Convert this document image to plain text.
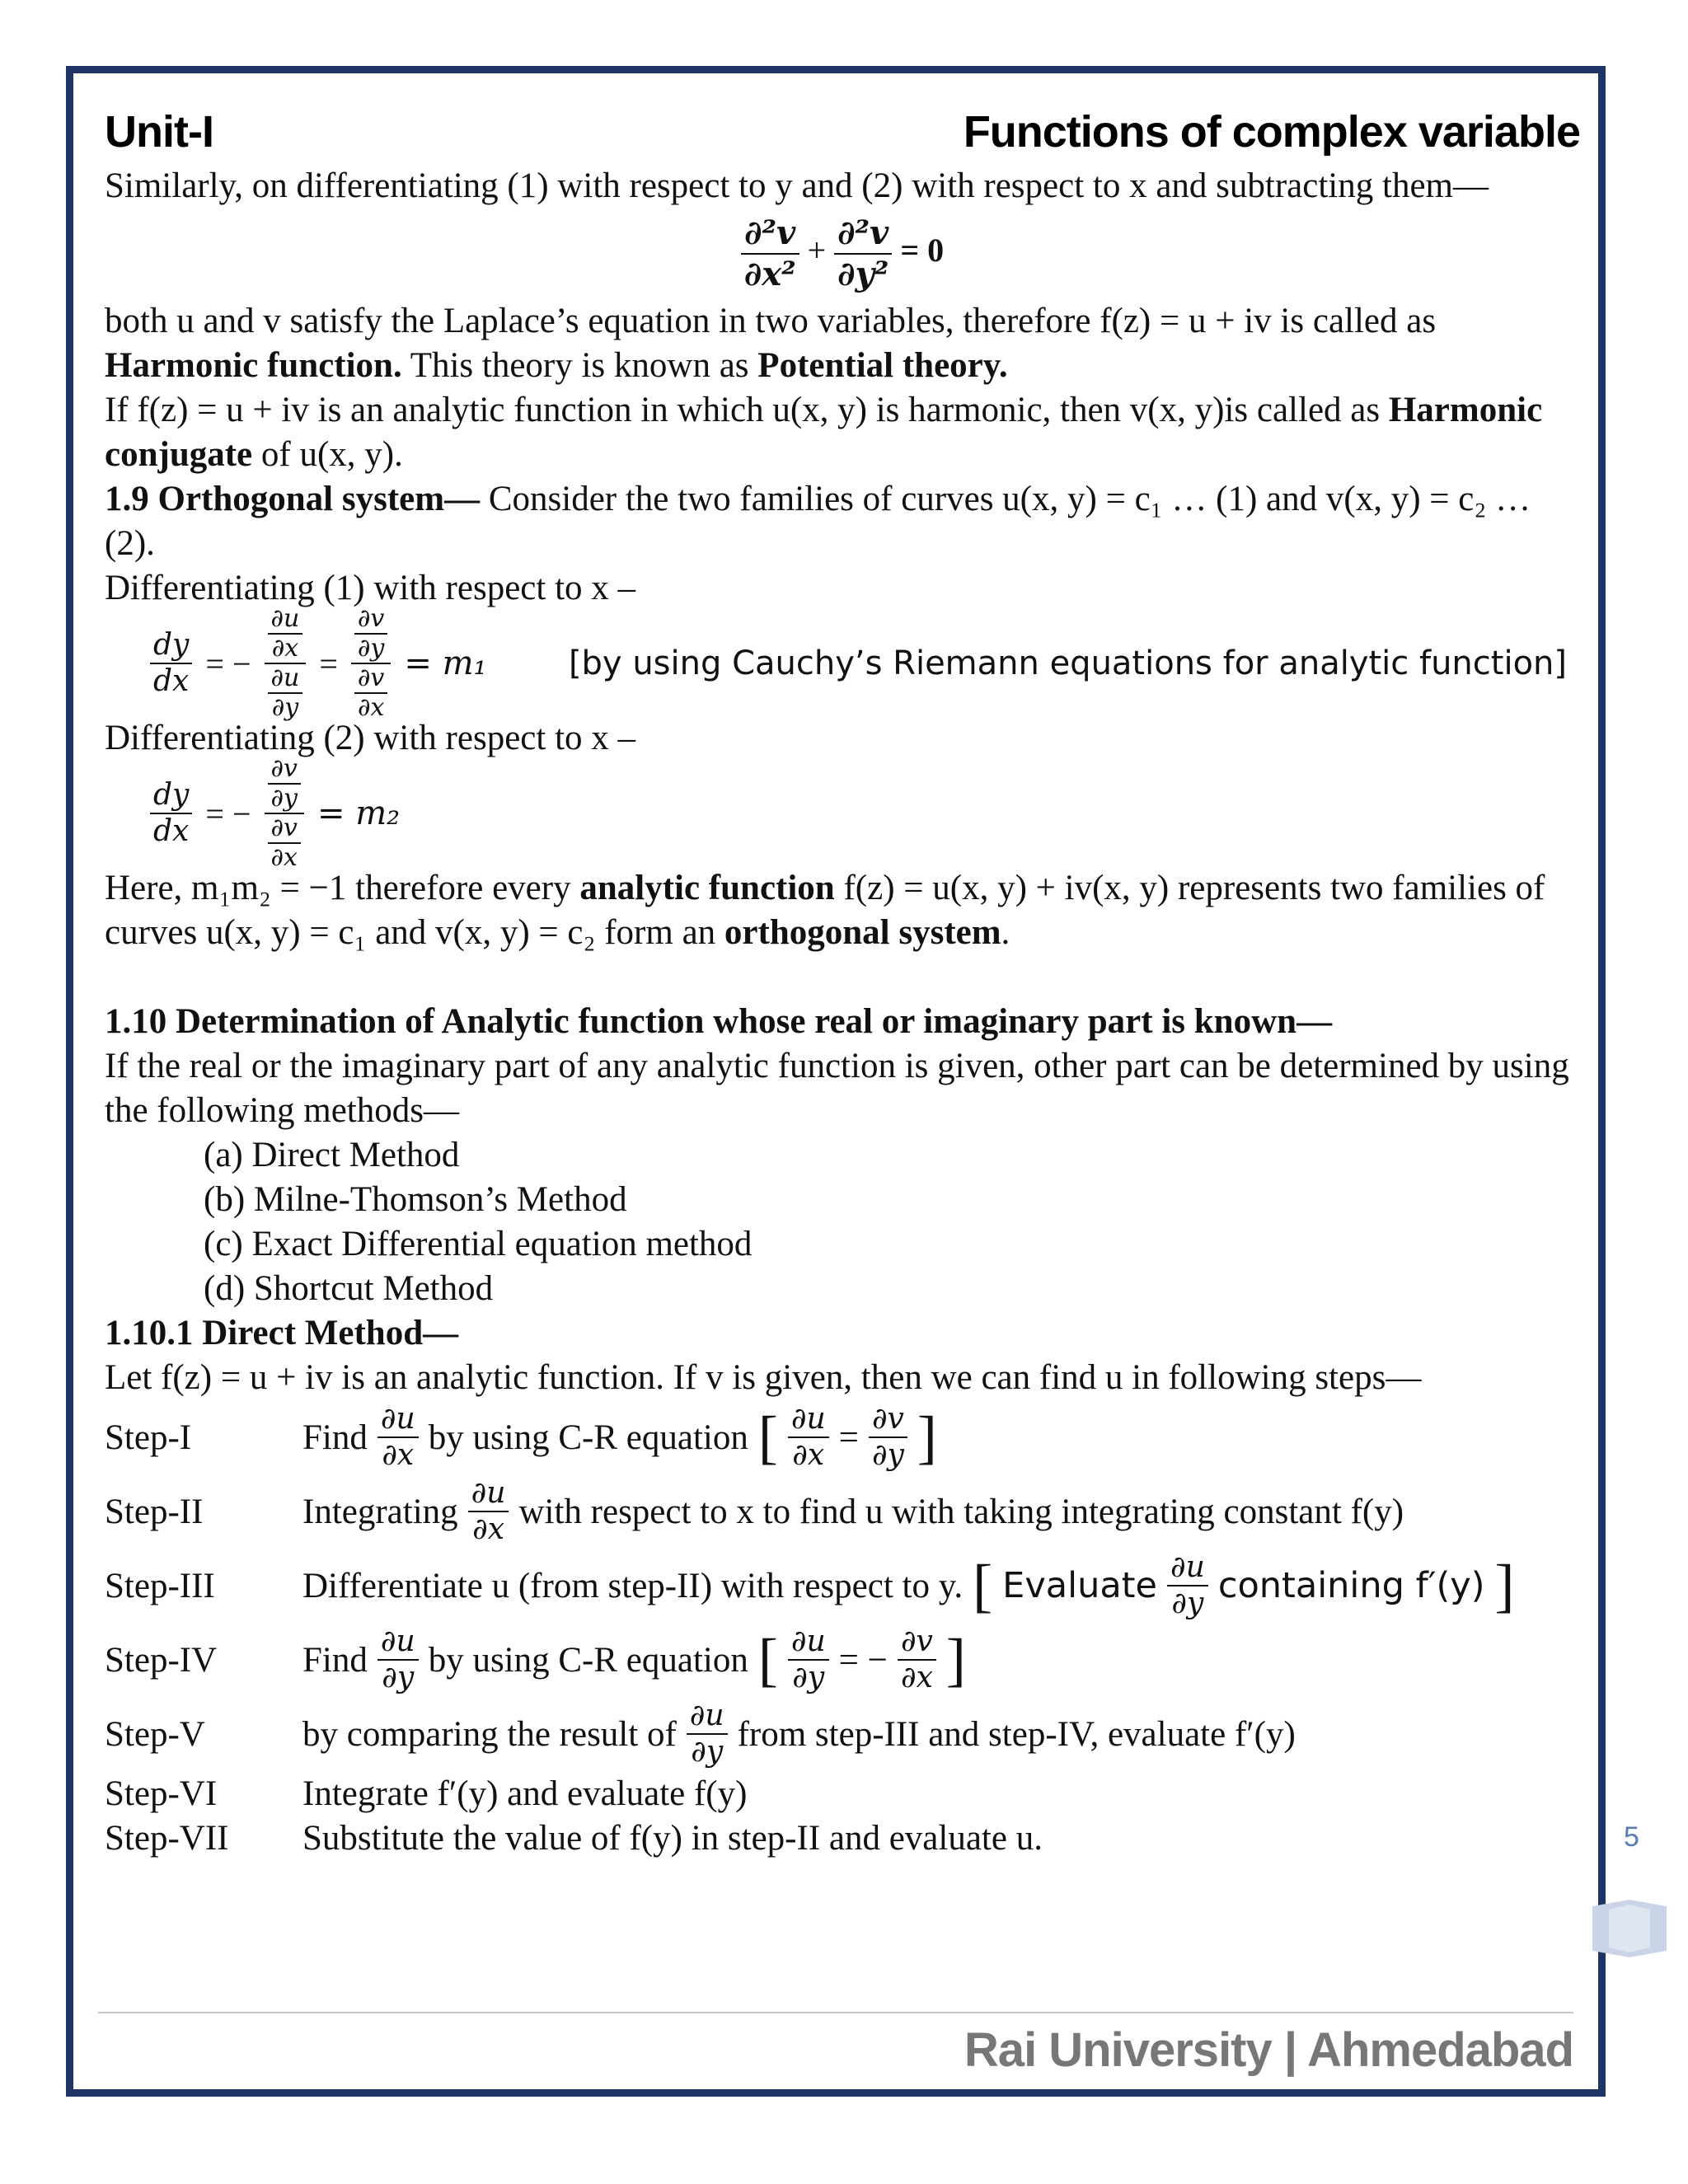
Unit-I	Functions of complex variable

Similarly, on differentiating (1) with respect to y and (2) with respect to x and subtracting them—

$\frac{\text{∂²v}}{\text{∂x²}} + \frac{\text{∂²v}}{\text{∂y²}} = 0$

both u and v satisfy the Laplace’s equation in two variables, therefore f(z) = u + iv is called as Harmonic function. This theory is known as Potential theory.

If f(z) = u + iv is an analytic function in which u(x, y) is harmonic, then v(x, y)is called as Harmonic conjugate of u(x, y).

1.9 Orthogonal system— Consider the two families of curves u(x, y) = c₁ … (1) and v(x, y) = c₂ … (2).

Differentiating (1) with respect to x –

$\frac{dy}{dx}$ = − $\frac{\frac{\partial u}{\partial x}}{\frac{\partial u}{\partial y}} = \frac{\frac{\partial v}{\partial y}}{\frac{\partial v}{\partial x}} = m_1$ [by using Cauchy’s Riemann equations for analytic function]

Differentiating (2) with respect to x –

$\frac{dy}{dx}$ = − $\frac{\frac{\partial v}{\partial y}}{\frac{\partial v}{\partial x}} = m_2$

Here, m₁m₂ = −1 therefore every analytic function f(z) = u(x, y) + iv(x, y) represents two families of curves u(x, y) = c₁ and v(x, y) = c₂ form an orthogonal system.

1.10 Determination of Analytic function whose real or imaginary part is known—

If the real or the imaginary part of any analytic function is given, other part can be determined by using the following methods—

(a) Direct Method
(b) Milne-Thomson’s Method
(c) Exact Differential equation method
(d) Shortcut Method

1.10.1 Direct Method—

Let f(z) = u + iv is an analytic function. If v is given, then we can find u in following steps—

Step-I	Find $\frac{\partial u}{\partial x}$ by using C-R equation [ $\frac{\partial u}{\partial x} = \frac{\partial v}{\partial y}$ ]
Step-II	Integrating $\frac{\partial u}{\partial x}$ with respect to x to find u with taking integrating constant f(y)
Step-III	Differentiate u (from step-II) with respect to y. [ Evaluate $\frac{\partial u}{\partial y}$ containing f′(y) ]
Step-IV	Find $\frac{\partial u}{\partial y}$ by using C-R equation [ $\frac{\partial u}{\partial y}$ = − $\frac{\partial v}{\partial x}$ ]
Step-V	by comparing the result of $\frac{\partial u}{\partial y}$ from step-III and step-IV, evaluate f′(y)
Step-VI	Integrate f′(y) and evaluate f(y)
Step-VII	Substitute the value of f(y) in step-II and evaluate u.
Rai University | Ahmedabad
5
